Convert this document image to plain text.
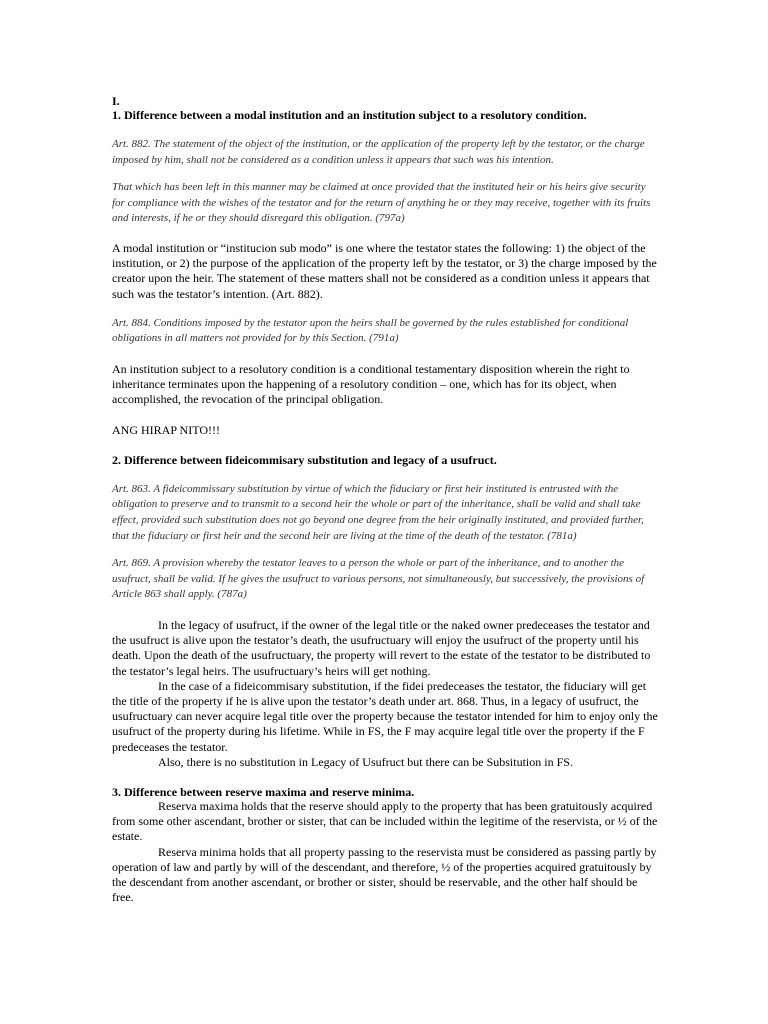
I.

1. Difference between a modal institution and an institution subject to a resolutory condition.

Art. 882. The statement of the object of the institution, or the application of the property left by the testator, or the charge imposed by him, shall not be considered as a condition unless it appears that such was his intention.

That which has been left in this manner may be claimed at once provided that the instituted heir or his heirs give security for compliance with the wishes of the testator and for the return of anything he or they may receive, together with its fruits and interests, if he or they should disregard this obligation. (797a)

A modal institution or “institucion sub modo” is one where the testator states the following: 1) the object of the institution, or 2) the purpose of the application of the property left by the testator, or 3) the charge imposed by the creator upon the heir. The statement of these matters shall not be considered as a condition unless it appears that such was the testator’s intention. (Art. 882).

Art. 884. Conditions imposed by the testator upon the heirs shall be governed by the rules established for conditional obligations in all matters not provided for by this Section. (791a)

An institution subject to a resolutory condition is a conditional testamentary disposition wherein the right to inheritance terminates upon the happening of a resolutory condition – one, which has for its object, when accomplished, the revocation of the principal obligation.

ANG HIRAP NITO!!!

2. Difference between fideicommisary substitution and legacy of a usufruct.

Art. 863. A fideicommissary substitution by virtue of which the fiduciary or first heir instituted is entrusted with the obligation to preserve and to transmit to a second heir the whole or part of the inheritance, shall be valid and shall take effect, provided such substitution does not go beyond one degree from the heir originally instituted, and provided further, that the fiduciary or first heir and the second heir are living at the time of the death of the testator. (781a)

Art. 869. A provision whereby the testator leaves to a person the whole or part of the inheritance, and to another the usufruct, shall be valid. If he gives the usufruct to various persons, not simultaneously, but successively, the provisions of Article 863 shall apply. (787a)

In the legacy of usufruct, if the owner of the legal title or the naked owner predeceases the testator and the usufruct is alive upon the testator’s death, the usufructuary will enjoy the usufruct of the property until his death. Upon the death of the usufructuary, the property will revert to the estate of the testator to be distributed to the testator’s legal heirs. The usufructuary’s heirs will get nothing.

In the case of a fideicommisary substitution, if the fidei predeceases the testator, the fiduciary will get the title of the property if he is alive upon the testator’s death under art. 868. Thus, in a legacy of usufruct, the usufructuary can never acquire legal title over the property because the testator intended for him to enjoy only the usufruct of the property during his lifetime. While in FS, the F may acquire legal title over the property if the F predeceases the testator.

Also, there is no substitution in Legacy of Usufruct but there can be Subsitution in FS.

3. Difference between reserve maxima and reserve minima.

Reserva maxima holds that the reserve should apply to the property that has been gratuitously acquired from some other ascendant, brother or sister, that can be included within the legitime of the reservista, or ½ of the estate.

Reserva minima holds that all property passing to the reservista must be considered as passing partly by operation of law and partly by will of the descendant, and therefore, ½ of the properties acquired gratuitously by the descendant from another ascendant, or brother or sister, should be reservable, and the other half should be free.
